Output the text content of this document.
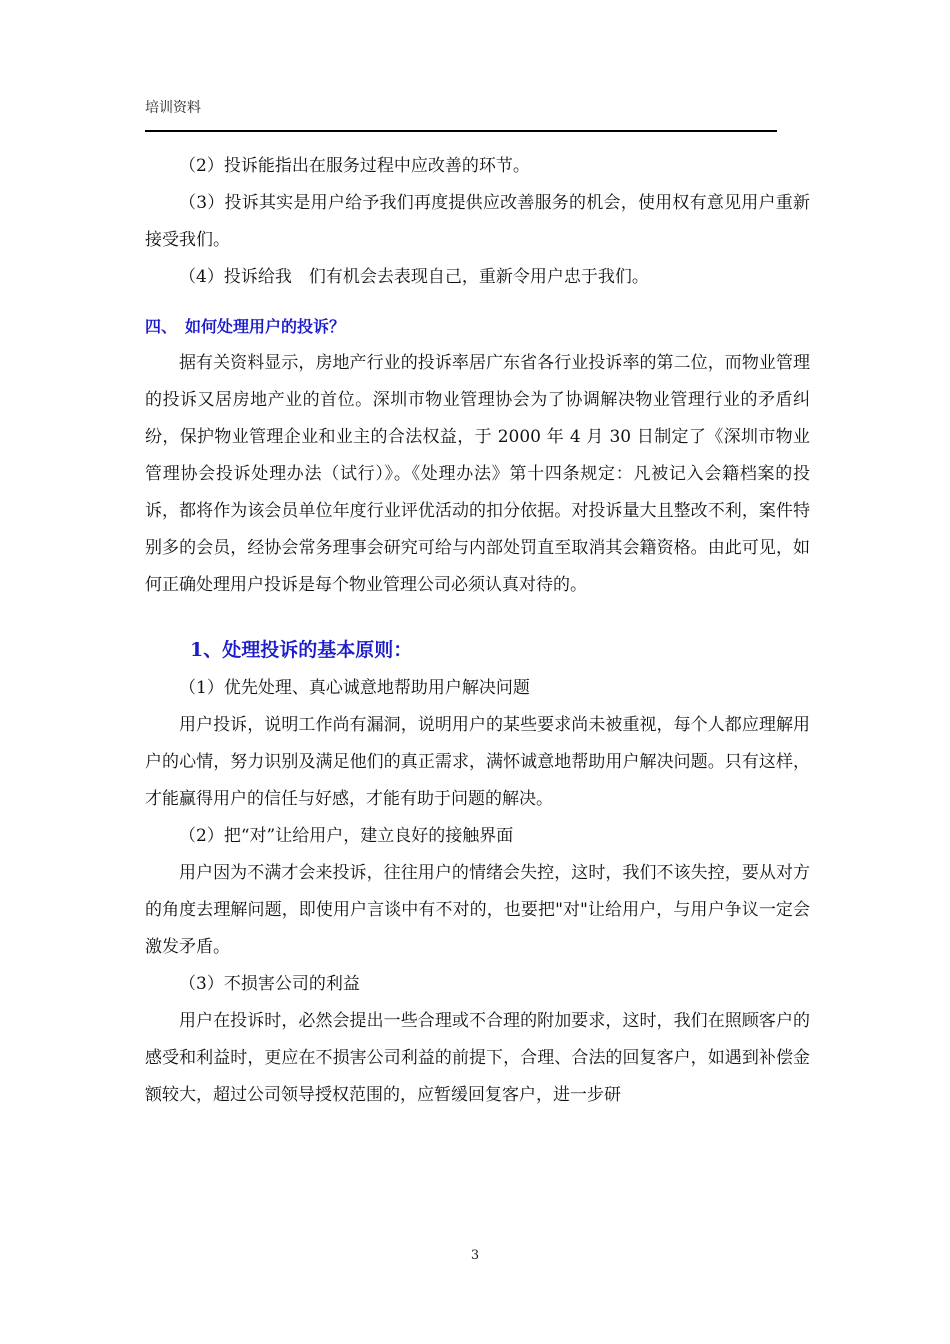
培训资料

（2）投诉能指出在服务过程中应改善的环节。

（3）投诉其实是用户给予我们再度提供应改善服务的机会，使用权有意见用户重新接受我们。

（4）投诉给我　们有机会去表现自己，重新令用户忠于我们。

四、　如何处理用户的投诉？

据有关资料显示，房地产行业的投诉率居广东省各行业投诉率的第二位，而物业管理的投诉又居房地产业的首位。深圳市物业管理协会为了协调解决物业管理行业的矛盾纠纷，保护物业管理企业和业主的合法权益，于 2000 年 4 月 30 日制定了《深圳市物业管理协会投诉处理办法（试行）》。《处理办法》第十四条规定：凡被记入会籍档案的投诉，都将作为该会员单位年度行业评优活动的扣分依据。对投诉量大且整改不利，案件特别多的会员，经协会常务理事会研究可给与内部处罚直至取消其会籍资格。由此可见，如何正确处理用户投诉是每个物业管理公司必须认真对待的。

1、处理投诉的基本原则：

（1）优先处理、真心诚意地帮助用户解决问题

用户投诉，说明工作尚有漏洞，说明用户的某些要求尚未被重视，每个人都应理解用户的心情，努力识别及满足他们的真正需求，满怀诚意地帮助用户解决问题。只有这样，才能赢得用户的信任与好感，才能有助于问题的解决。

（2）把“对”让给用户，建立良好的接触界面

用户因为不满才会来投诉，往往用户的情绪会失控，这时，我们不该失控，要从对方的角度去理解问题，即使用户言谈中有不对的，也要把"对"让给用户，与用户争议一定会激发矛盾。

（3）不损害公司的利益

用户在投诉时，必然会提出一些合理或不合理的附加要求，这时，我们在照顾客户的感受和利益时，更应在不损害公司利益的前提下，合理、合法的回复客户，如遇到补偿金额较大，超过公司领导授权范围的，应暂缓回复客户，进一步研

3
